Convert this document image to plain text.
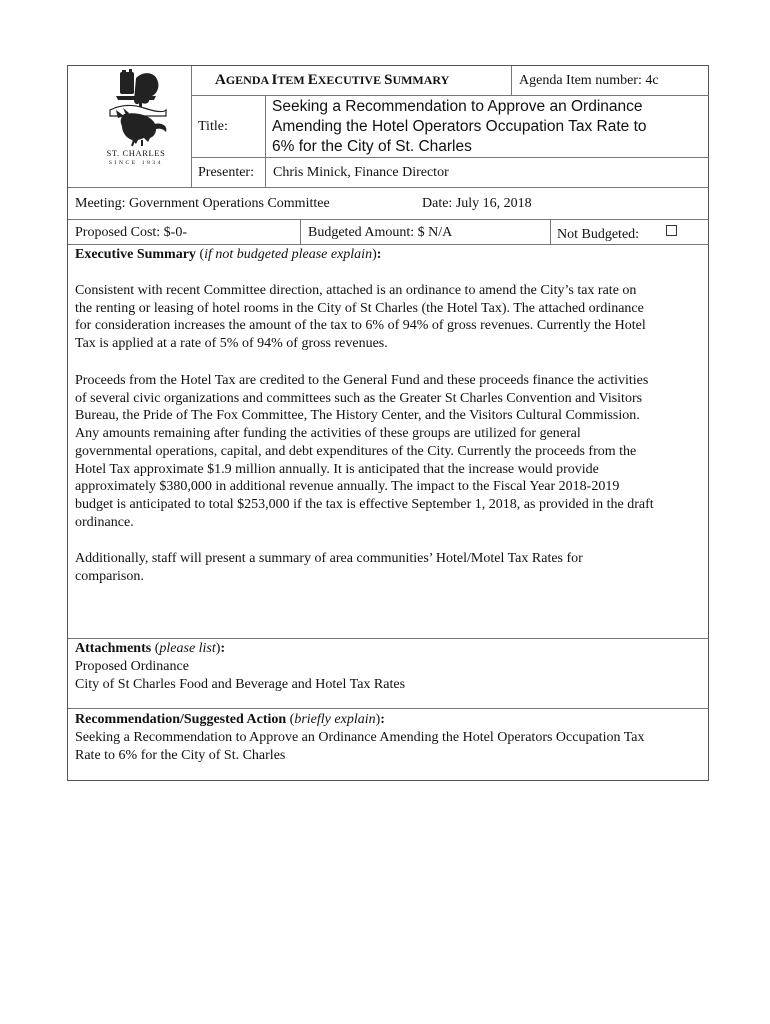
ST. CHARLES
SINCE 1834
AGENDA ITEM EXECUTIVE SUMMARY	Agenda Item number: 4c
Title:
Seeking a Recommendation to Approve an Ordinance
Amending the Hotel Operators Occupation Tax Rate to
6% for the City of St. Charles
Presenter: Chris Minick, Finance Director
Meeting: Government Operations Committee	Date: July 16, 2018
Proposed Cost: $-0-	Budgeted Amount: $ N/A	Not Budgeted:
Executive Summary (if not budgeted please explain):

Consistent with recent Committee direction, attached is an ordinance to amend the City’s tax rate on

the renting or leasing of hotel rooms in the City of St Charles (the Hotel Tax). The attached ordinance

for consideration increases the amount of the tax to 6% of 94% of gross revenues. Currently the Hotel

Tax is applied at a rate of 5% of 94% of gross revenues.

Proceeds from the Hotel Tax are credited to the General Fund and these proceeds finance the activities

of several civic organizations and committees such as the Greater St Charles Convention and Visitors

Bureau, the Pride of The Fox Committee, The History Center, and the Visitors Cultural Commission.

Any amounts remaining after funding the activities of these groups are utilized for general

governmental operations, capital, and debt expenditures of the City. Currently the proceeds from the

Hotel Tax approximate $1.9 million annually. It is anticipated that the increase would provide

approximately $380,000 in additional revenue annually. The impact to the Fiscal Year 2018-2019

budget is anticipated to total $253,000 if the tax is effective September 1, 2018, as provided in the draft

ordinance.

Additionally, staff will present a summary of area communities’ Hotel/Motel Tax Rates for

comparison.

Attachments (please list):
Proposed Ordinance
City of St Charles Food and Beverage and Hotel Tax Rates
Recommendation/Suggested Action (briefly explain):
Seeking a Recommendation to Approve an Ordinance Amending the Hotel Operators Occupation Tax
Rate to 6% for the City of St. Charles
